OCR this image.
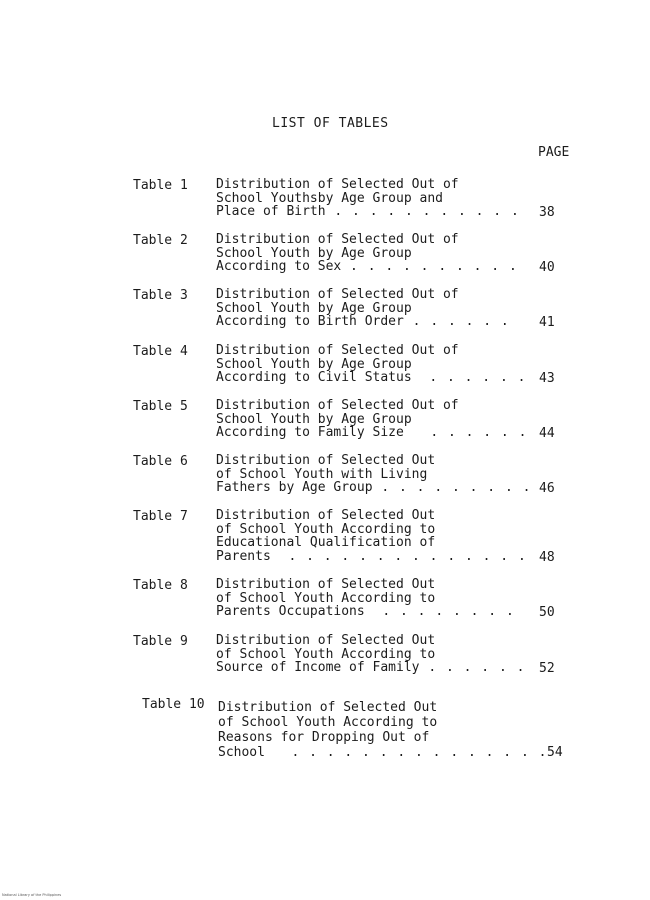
LIST OF TABLES
PAGE
Table 1 Distribution of Selected Out of
School Youthsby Age Group and
Place of Birth . . . . . . . . . . . 38
Table 2 Distribution of Selected Out of
School Youth by Age Group
According to Sex . . . . . . . . . . 40
Table 3 Distribution of Selected Out of
School Youth by Age Group
According to Birth Order . . . . . . 41
Table 4 Distribution of Selected Out of
School Youth by Age Group
According to Civil Status  . . . . . . 43
Table 5 Distribution of Selected Out of
School Youth by Age Group
According to Family Size   . . . . . . 44
Table 6 Distribution of Selected Out
of School Youth with Living
Fathers by Age Group . . . . . . . . . 46
Table 7 Distribution of Selected Out
of School Youth According to
Educational Qualification of
Parents  . . . . . . . . . . . . . . 48
Table 8 Distribution of Selected Out
of School Youth According to
Parents Occupations  . . . . . . . . 50
Table 9 Distribution of Selected Out
of School Youth According to
Source of Income of Family . . . . . . 52
Table 10 Distribution of Selected Out
of School Youth According to
Reasons for Dropping Out of
School   . . . . . . . . . . . . . . . 54
National Library of the Philippines
